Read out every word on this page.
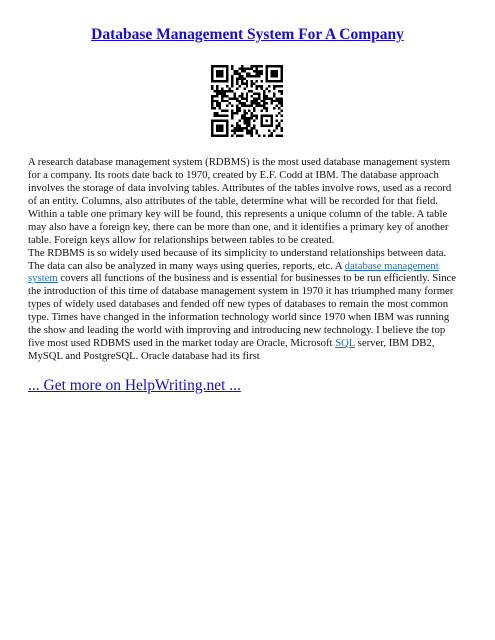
Database Management System For A Company
A research database management system (RDBMS) is the most used database management system
for a company. Its roots date back to 1970, created by E.F. Codd at IBM. The database approach
involves the storage of data involving tables. Attributes of the tables involve rows, used as a record
of an entity. Columns, also attributes of the table, determine what will be recorded for that field.
Within a table one primary key will be found, this represents a unique column of the table. A table
may also have a foreign key, there can be more than one, and it identifies a primary key of another
table. Foreign keys allow for relationships between tables to be created.
The RDBMS is so widely used because of its simplicity to understand relationships between data.
The data can also be analyzed in many ways using queries, reports, etc. A database management
system covers all functions of the business and is essential for businesses to be run efficiently. Since
the introduction of this time of database management system in 1970 it has triumphed many former
types of widely used databases and fended off new types of databases to remain the most common
type. Times have changed in the information technology world since 1970 when IBM was running
the show and leading the world with improving and introducing new technology. I believe the top
five most used RDBMS used in the market today are Oracle, Microsoft SQL server, IBM DB2,
MySQL and PostgreSQL. Oracle database had its first
... Get more on HelpWriting.net ...
